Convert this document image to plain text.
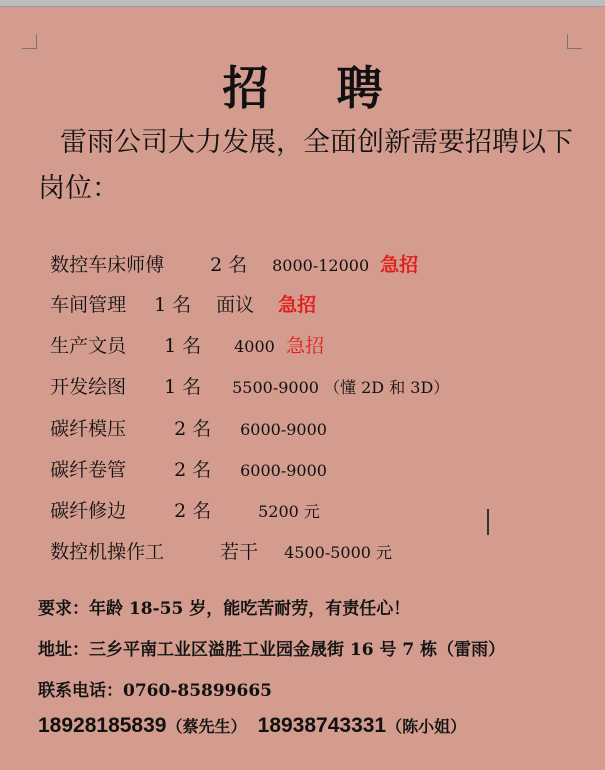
招 聘
雷雨公司大力发展，全面创新需要招聘以下岗位：

数控车床师傅 2 名 8000-12000 急招

车间管理 1 名 面议 急招

生产文员 1 名 4000 急招

开发绘图 1 名 5500-9000 （懂 2D 和 3D）

碳纤模压	2 名 6000-9000

碳纤卷管	2 名 6000-9000

碳纤修边	2 名	5200 元

数控机操作工	若干 4500-5000 元

要求：年龄 18-55 岁，能吃苦耐劳，有责任心！
地址：三乡平南工业区溢胜工业园金晟街 16 号 7 栋（雷雨）
联系电话：0760-85899665
18928185839（蔡先生） 18938743331（陈小姐）
